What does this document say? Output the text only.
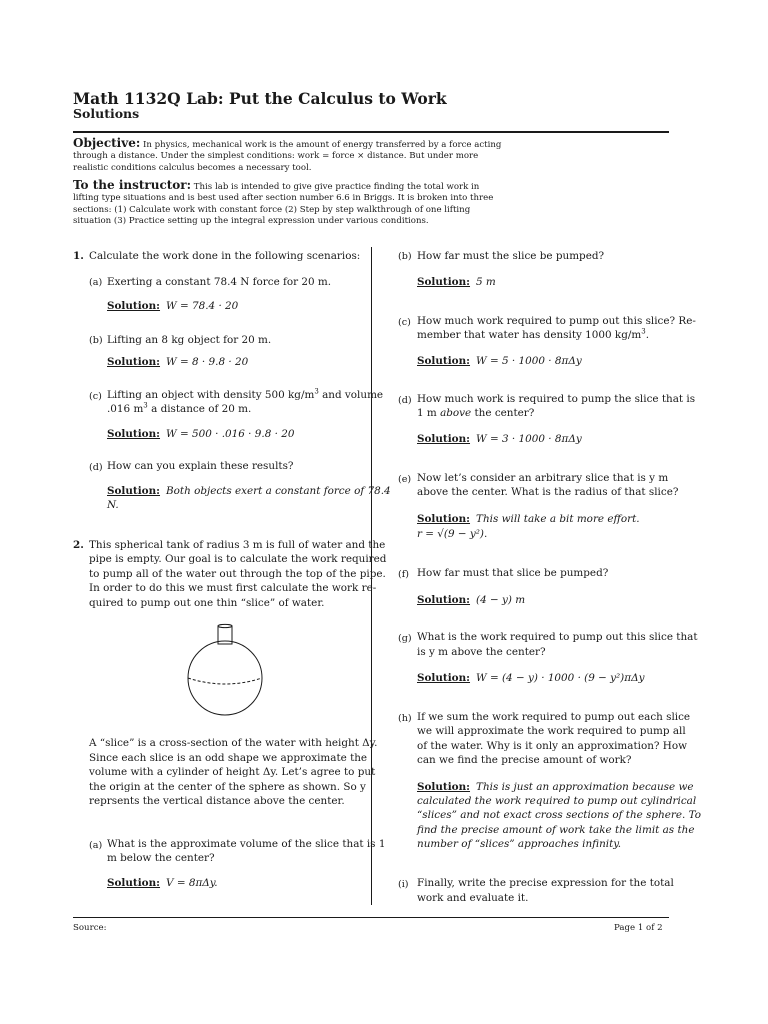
Math 1132Q Lab: Put the Calculus to Work
Solutions
Objective: In physics, mechanical work is the amount of energy transferred by a force acting through a distance. Under the simplest conditions: work = force × distance. But under more realistic conditions calculus becomes a necessary tool.
To the instructor: This lab is intended to give give practice finding the total work in lifting type situations and is best used after section number 6.6 in Briggs. It is broken into three sections: (1) Calculate work with constant force (2) Step by step walkthrough of one lifting situation (3) Practice setting up the integral expression under various conditions.
1. Calculate the work done in the following scenarios:
(a) Exerting a constant 78.4 N force for 20 m.
Solution: W = 78.4 · 20
(b) Lifting an 8 kg object for 20 m.
Solution: W = 8 · 9.8 · 20
(c) Lifting an object with density 500 $kg/m^3$ and volume
.016 $m^3$ a distance of 20 m.
Solution: W = 500 · .016 · 9.8 · 20
(d) How can you explain these results?
Solution: Both objects exert a constant force of 78.4
N.
2. This spherical tank of radius 3 m is full of water and the
pipe is empty. Our goal is to calculate the work required
to pump all of the water out through the top of the pipe.
In order to do this we must first calculate the work re-
quired to pump out one thin “slice” of water.
A “slice” is a cross-section of the water with height Δy.
Since each slice is an odd shape we approximate the
volume with a cylinder of height Δy. Let’s agree to put
the origin at the center of the sphere as shown. So y
reprsents the vertical distance above the center.
(a) What is the approximate volume of the slice that is 1
m below the center?
Solution: V = 8πΔy.
(b) How far must the slice be pumped?
Solution: 5 m
(c) How much work required to pump out this slice? Re-
member that water has density 1000 $kg/m^3$.
Solution: W = 5 · 1000 · 8πΔy
(d) How much work is required to pump the slice that is
1 m above the center?
Solution: W = 3 · 1000 · 8πΔy
(e) Now let’s consider an arbitrary slice that is y m
above the center. What is the radius of that slice?
Solution: This will take a bit more effort.
r = √(9 − y²).
(f) How far must that slice be pumped?
Solution: (4 − y) m
(g) What is the work required to pump out this slice that
is y m above the center?
Solution: W = (4 − y) · 1000 · (9 − y²)πΔy
(h) If we sum the work required to pump out each slice
we will approximate the work required to pump all
of the water. Why is it only an approximation? How
can we find the precise amount of work?
Solution: This is just an approximation because we
calculated the work required to pump out cylindrical
“slices” and not exact cross sections of the sphere. To
find the precise amount of work take the limit as the
number of “slices” approaches infinity.
(i) Finally, write the precise expression for the total
work and evaluate it.
Source:	Page 1 of 2
